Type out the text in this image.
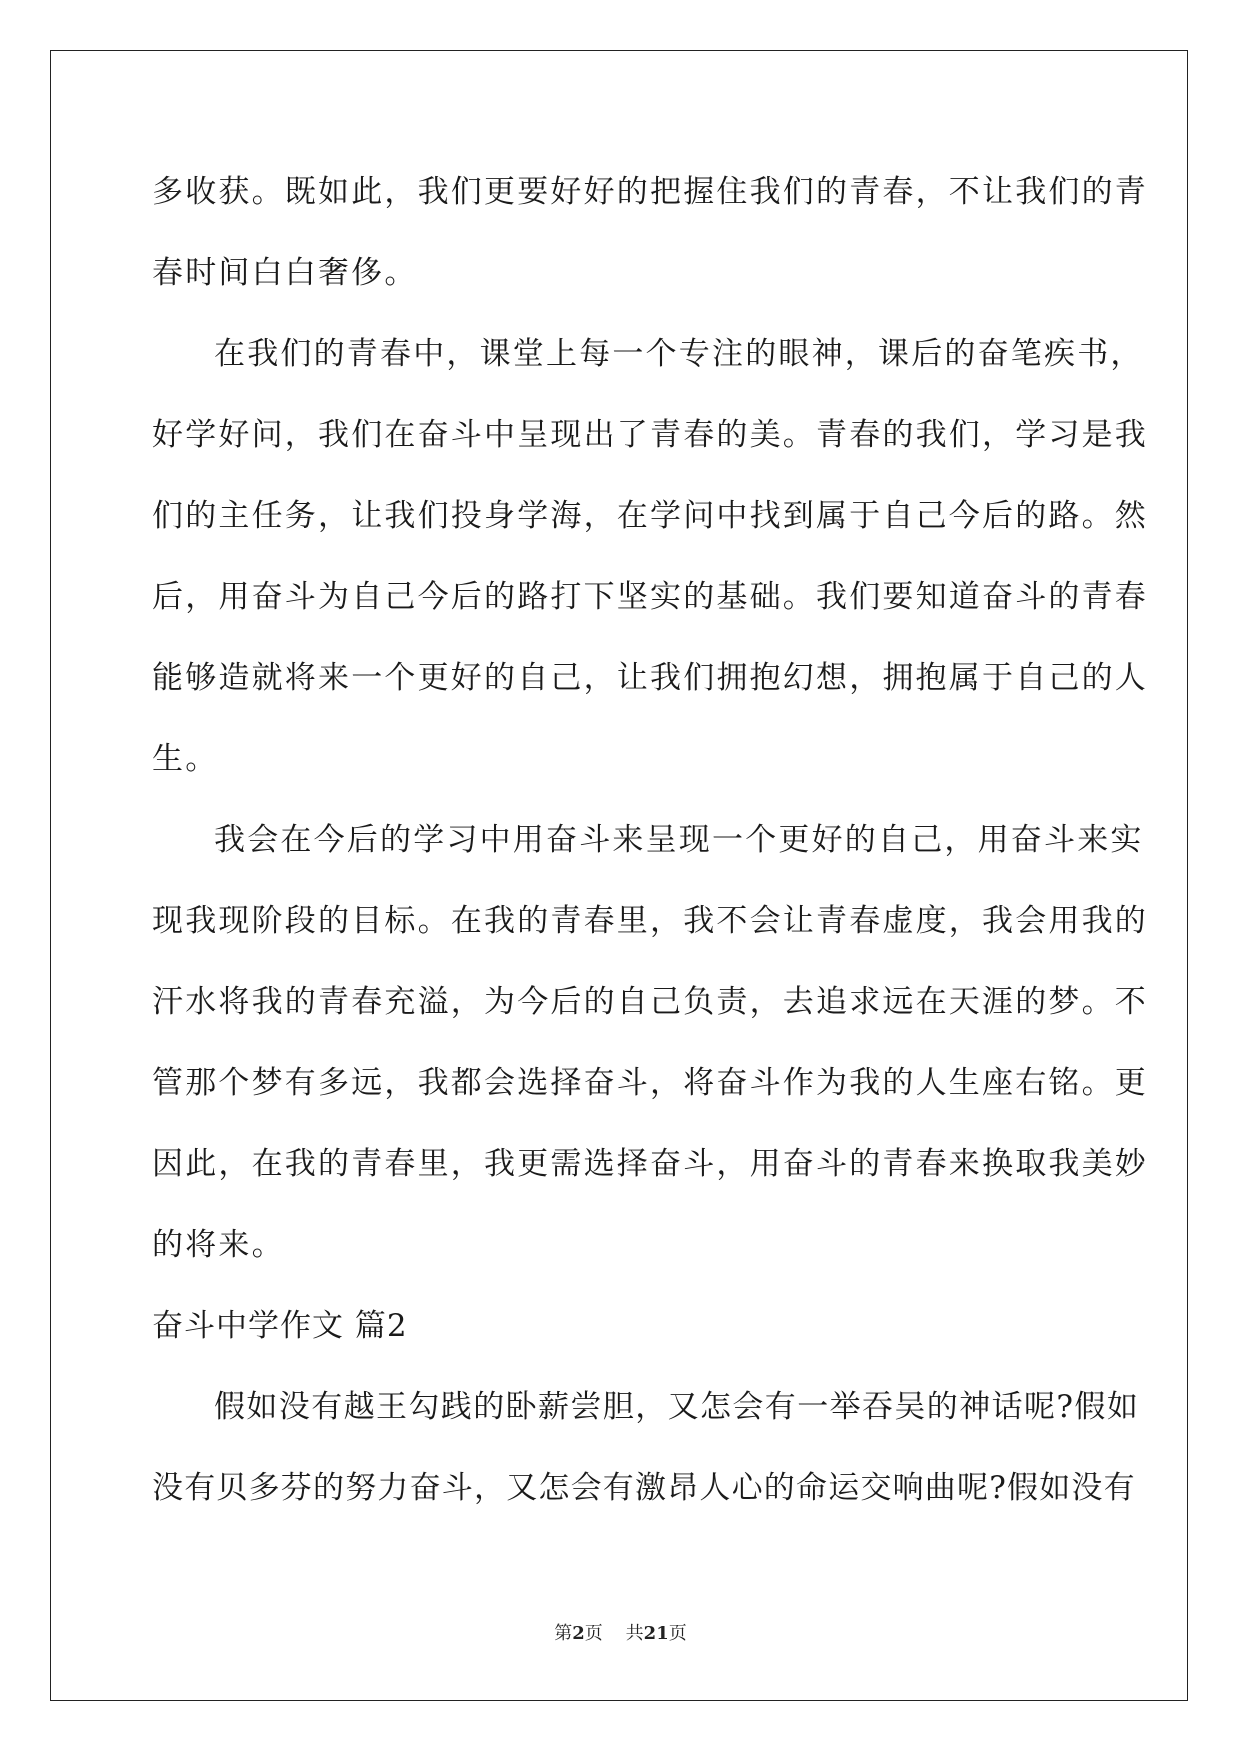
多收获。既如此，我们更要好好的把握住我们的青春，不让我们的青
春时间白白奢侈。
在我们的青春中，课堂上每一个专注的眼神，课后的奋笔疾书，
好学好问，我们在奋斗中呈现出了青春的美。青春的我们，学习是我
们的主任务，让我们投身学海，在学问中找到属于自己今后的路。然
后，用奋斗为自己今后的路打下坚实的基础。我们要知道奋斗的青春
能够造就将来一个更好的自己，让我们拥抱幻想，拥抱属于自己的人
生。
我会在今后的学习中用奋斗来呈现一个更好的自己，用奋斗来实
现我现阶段的目标。在我的青春里，我不会让青春虚度，我会用我的
汗水将我的青春充溢，为今后的自己负责，去追求远在天涯的梦。不
管那个梦有多远，我都会选择奋斗，将奋斗作为我的人生座右铭。更
因此，在我的青春里，我更需选择奋斗，用奋斗的青春来换取我美妙
的将来。
奋斗中学作文 篇2
假如没有越王勾践的卧薪尝胆，又怎会有一举吞吴的神话呢?假如
没有贝多芬的努力奋斗，又怎会有激昂人心的命运交响曲呢?假如没有
第2页    共21页
